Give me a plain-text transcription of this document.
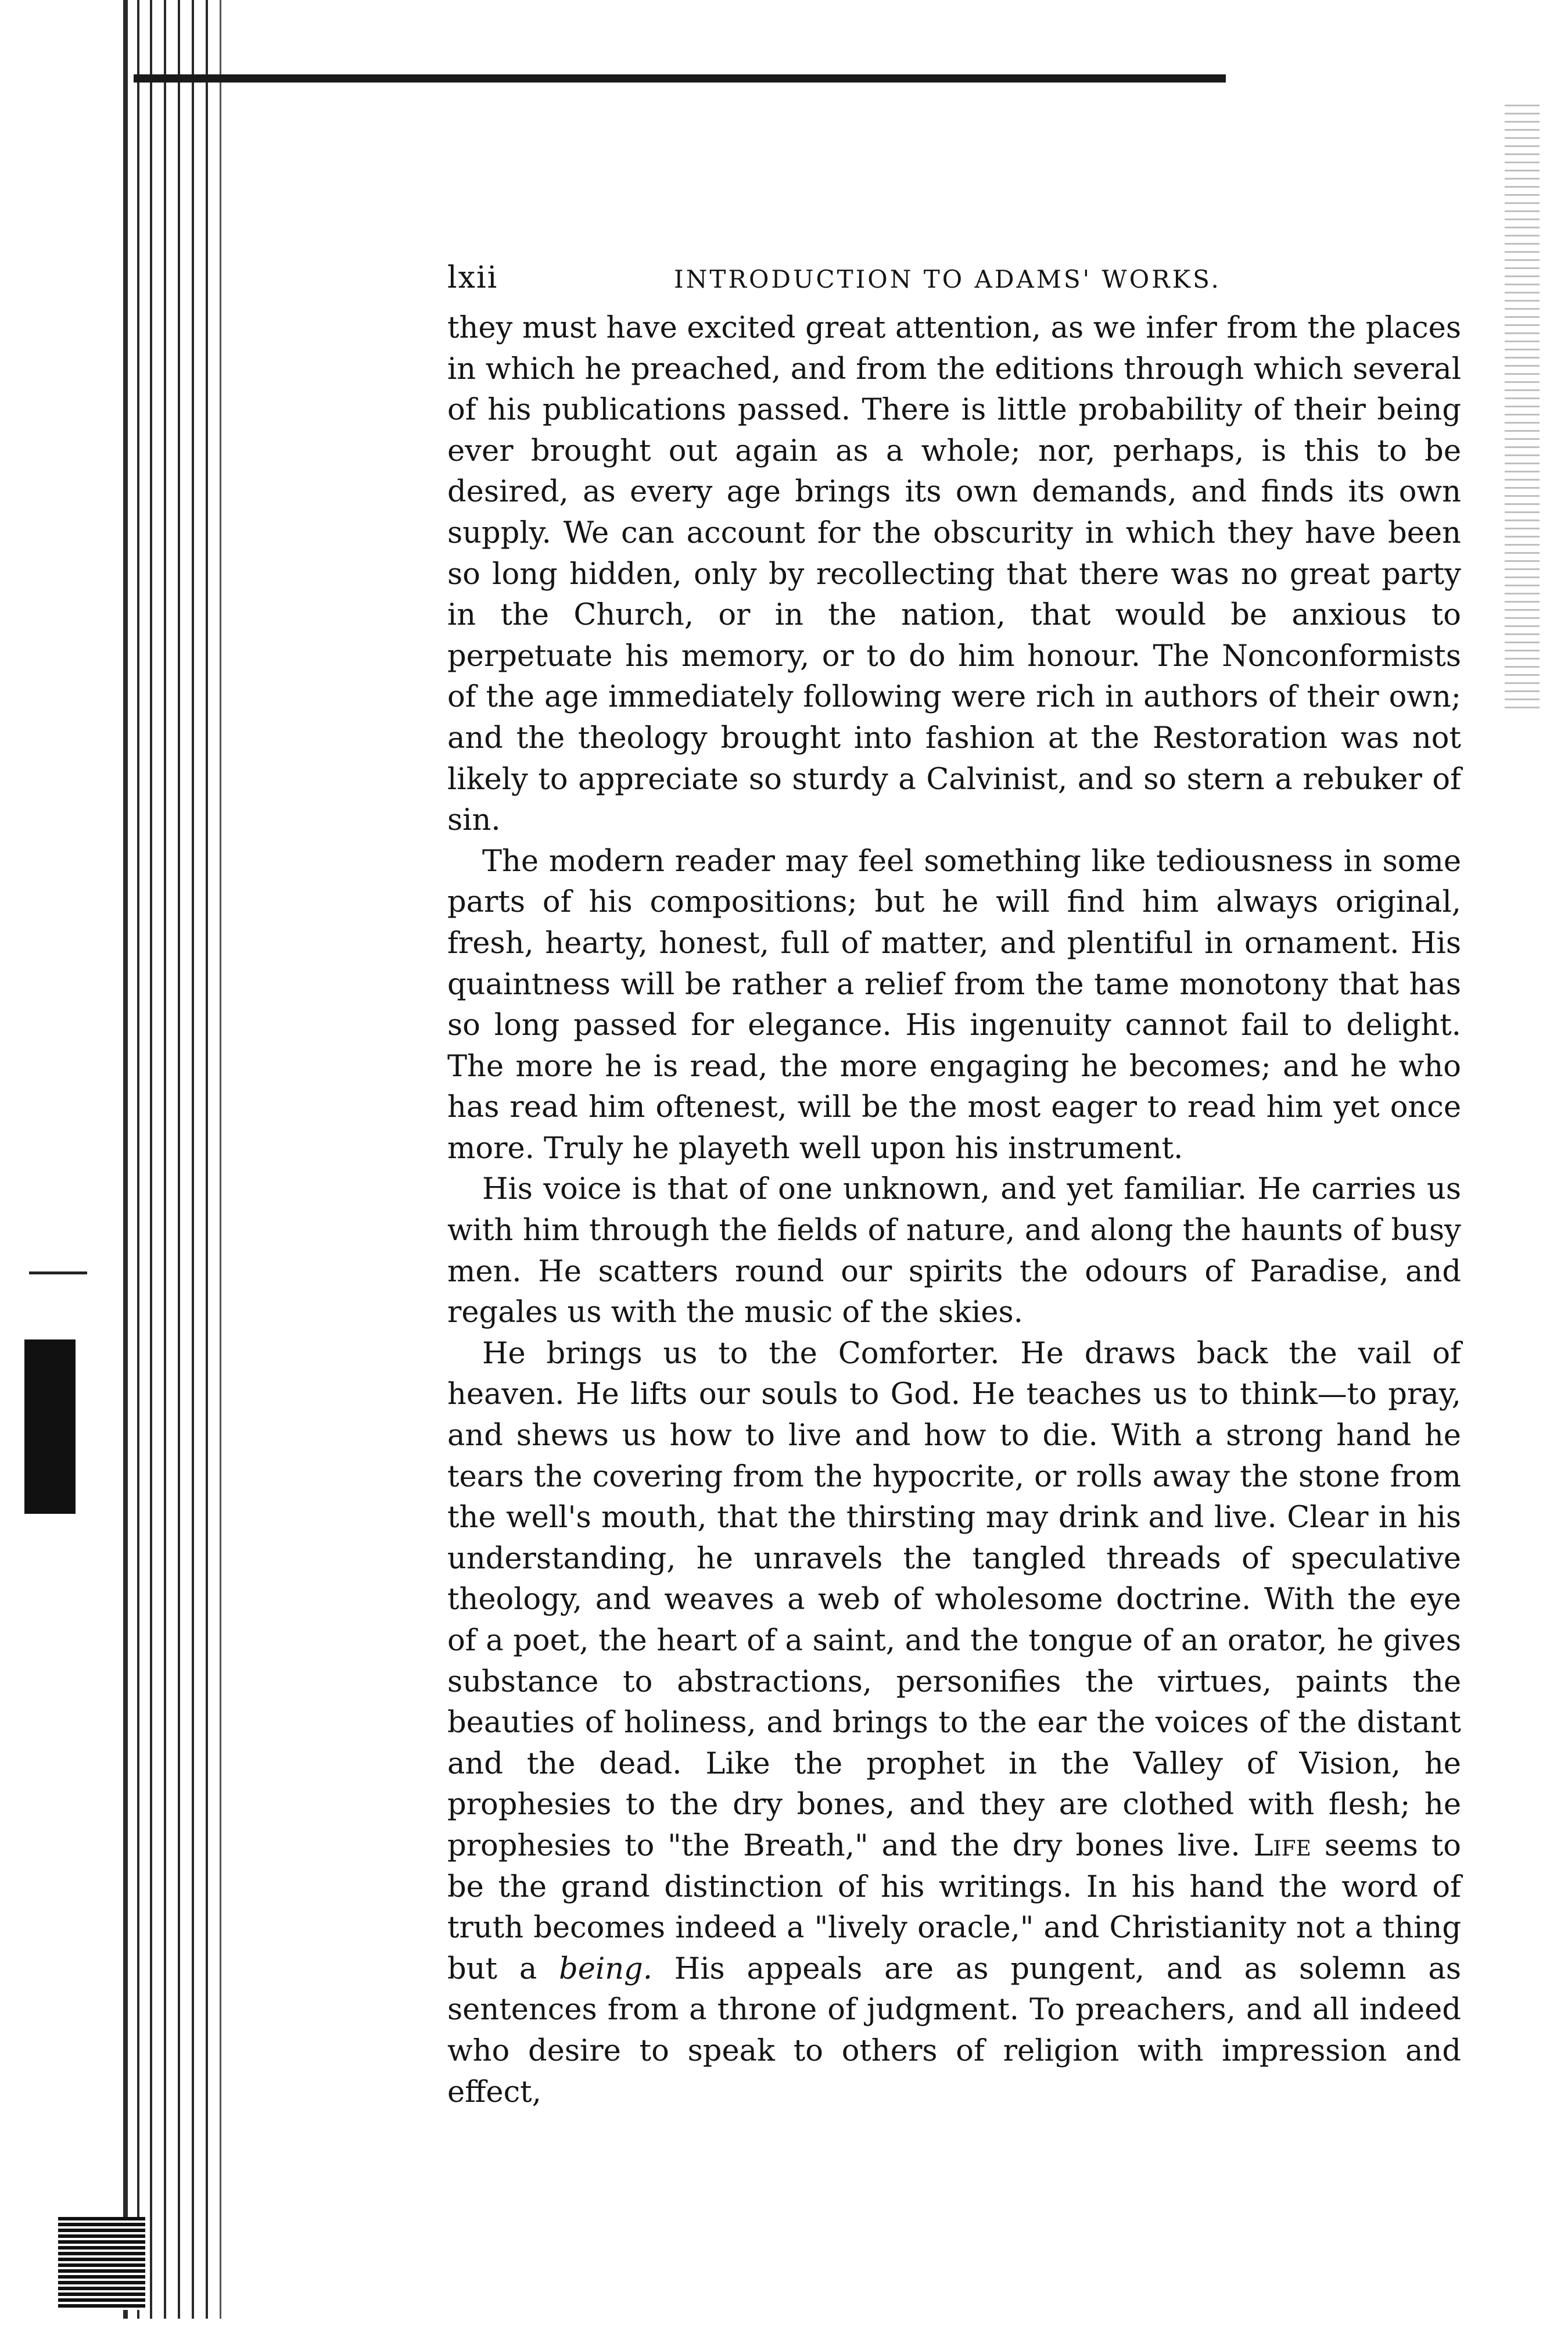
lxii	INTRODUCTION TO ADAMS' WORKS.

they must have excited great attention, as we infer from the places in which he preached, and from the editions through which several of his publications passed. There is little probability of their being ever brought out again as a whole; nor, perhaps, is this to be desired, as every age brings its own demands, and finds its own supply. We can account for the obscurity in which they have been so long hidden, only by recollecting that there was no great party in the Church, or in the nation, that would be anxious to perpetuate his memory, or to do him honour. The Nonconformists of the age immediately following were rich in authors of their own; and the theology brought into fashion at the Restoration was not likely to appreciate so sturdy a Calvinist, and so stern a rebuker of sin.
The modern reader may feel something like tediousness in some parts of his compositions; but he will find him always original, fresh, hearty, honest, full of matter, and plentiful in ornament. His quaintness will be rather a relief from the tame monotony that has so long passed for elegance. His ingenuity cannot fail to delight. The more he is read, the more engaging he becomes; and he who has read him oftenest, will be the most eager to read him yet once more. Truly he playeth well upon his instrument.
His voice is that of one unknown, and yet familiar. He carries us with him through the fields of nature, and along the haunts of busy men. He scatters round our spirits the odours of Paradise, and regales us with the music of the skies.
He brings us to the Comforter. He draws back the vail of heaven. He lifts our souls to God. He teaches us to think—to pray, and shews us how to live and how to die. With a strong hand he tears the covering from the hypocrite, or rolls away the stone from the well's mouth, that the thirsting may drink and live. Clear in his understanding, he unravels the tangled threads of speculative theology, and weaves a web of wholesome doctrine. With the eye of a poet, the heart of a saint, and the tongue of an orator, he gives substance to abstractions, personifies the virtues, paints the beauties of holiness, and brings to the ear the voices of the distant and the dead. Like the prophet in the Valley of Vision, he prophesies to the dry bones, and they are clothed with flesh; he prophesies to "the Breath," and the dry bones live. Life seems to be the grand distinction of his writings. In his hand the word of truth becomes indeed a "lively oracle," and Christianity not a thing but a being. His appeals are as pungent, and as solemn as sentences from a throne of judgment. To preachers, and all indeed who desire to speak to others of religion with impression and effect,
